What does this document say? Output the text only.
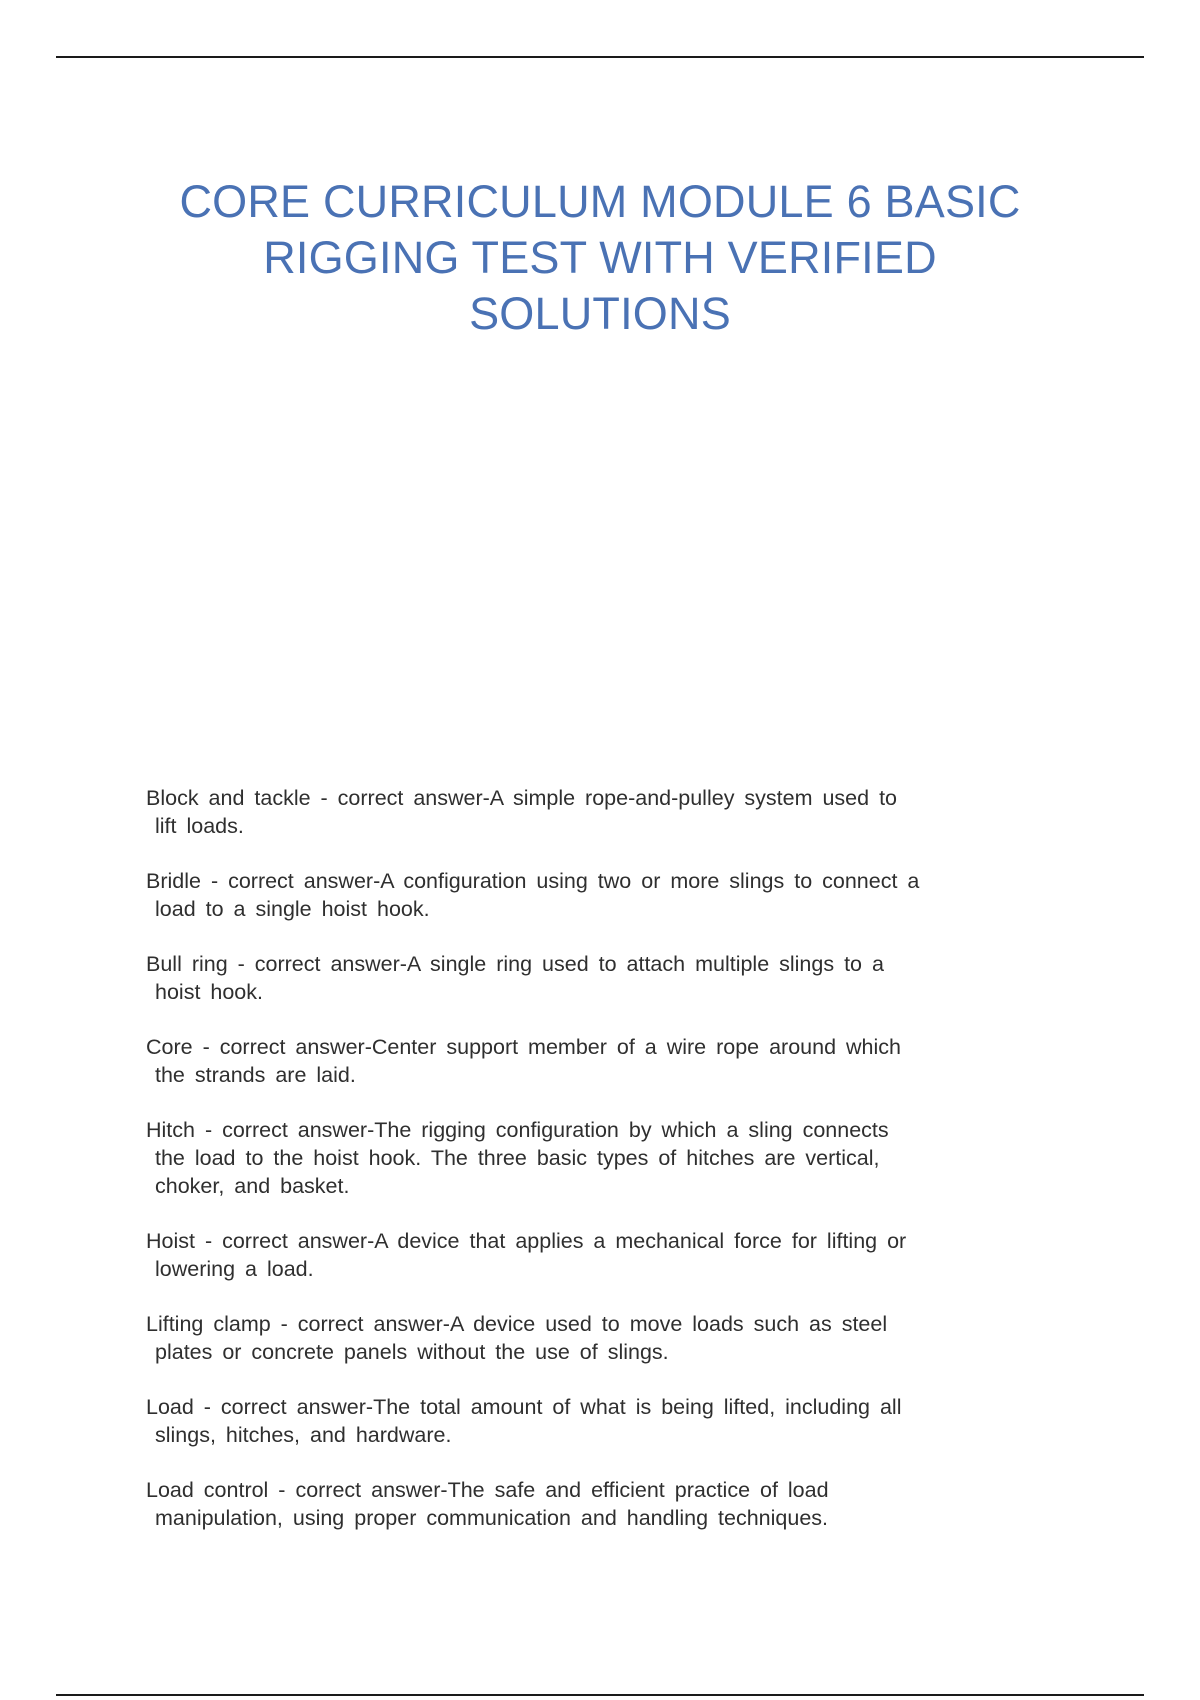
CORE CURRICULUM MODULE 6 BASIC
RIGGING TEST WITH VERIFIED
SOLUTIONS
Block and tackle - correct answer-A simple rope-and-pulley system used to
lift loads.
Bridle - correct answer-A configuration using two or more slings to connect a
load to a single hoist hook.
Bull ring - correct answer-A single ring used to attach multiple slings to a
hoist hook.
Core - correct answer-Center support member of a wire rope around which
the strands are laid.
Hitch - correct answer-The rigging configuration by which a sling connects
the load to the hoist hook. The three basic types of hitches are vertical,
choker, and basket.
Hoist - correct answer-A device that applies a mechanical force for lifting or
lowering a load.
Lifting clamp - correct answer-A device used to move loads such as steel
plates or concrete panels without the use of slings.
Load - correct answer-The total amount of what is being lifted, including all
slings, hitches, and hardware.
Load control - correct answer-The safe and efficient practice of load
manipulation, using proper communication and handling techniques.
